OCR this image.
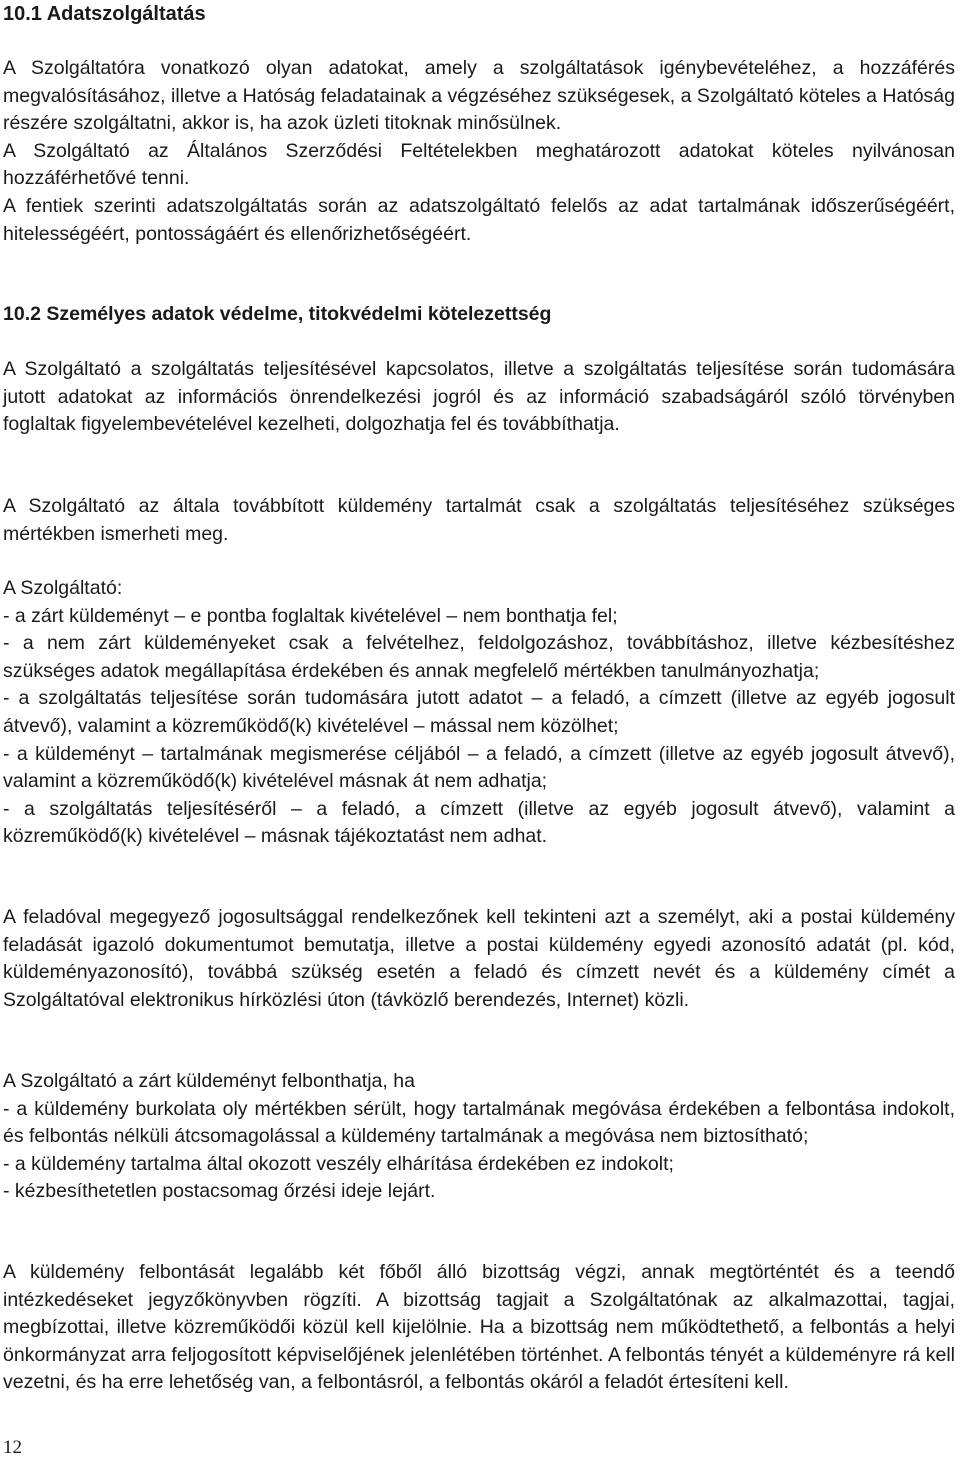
10.1 Adatszolgáltatás

A Szolgáltatóra vonatkozó olyan adatokat, amely a szolgáltatások igénybevételéhez, a hozzáférés megvalósításához, illetve a Hatóság feladatainak a végzéséhez szükségesek, a Szolgáltató köteles a Hatóság részére szolgáltatni, akkor is, ha azok üzleti titoknak minősülnek.

A Szolgáltató az Általános Szerződési Feltételekben meghatározott adatokat köteles nyilvánosan hozzáférhetővé tenni.

A fentiek szerinti adatszolgáltatás során az adatszolgáltató felelős az adat tartalmának időszerűségéért, hitelességéért, pontosságáért és ellenőrizhetőségéért.

10.2 Személyes adatok védelme, titokvédelmi kötelezettség

A Szolgáltató a szolgáltatás teljesítésével kapcsolatos, illetve a szolgáltatás teljesítése során tudomására jutott adatokat az információs önrendelkezési jogról és az információ szabadságáról szóló törvényben foglaltak figyelembevételével kezelheti, dolgozhatja fel és továbbíthatja.

A Szolgáltató az általa továbbított küldemény tartalmát csak a szolgáltatás teljesítéséhez szükséges mértékben ismerheti meg.

A Szolgáltató:

- a zárt küldeményt – e pontba foglaltak kivételével – nem bonthatja fel;

- a nem zárt küldeményeket csak a felvételhez, feldolgozáshoz, továbbításhoz, illetve kézbesítéshez szükséges adatok megállapítása érdekében és annak megfelelő mértékben tanulmányozhatja;

- a szolgáltatás teljesítése során tudomására jutott adatot – a feladó, a címzett (illetve az egyéb jogosult átvevő), valamint a közreműködő(k) kivételével – mással nem közölhet;

- a küldeményt – tartalmának megismerése céljából – a feladó, a címzett (illetve az egyéb jogosult átvevő), valamint a közreműködő(k) kivételével másnak át nem adhatja;

- a szolgáltatás teljesítéséről – a feladó, a címzett (illetve az egyéb jogosult átvevő), valamint a közreműködő(k) kivételével – másnak tájékoztatást nem adhat.

A feladóval megegyező jogosultsággal rendelkezőnek kell tekinteni azt a személyt, aki a postai küldemény feladását igazoló dokumentumot bemutatja, illetve a postai küldemény egyedi azonosító adatát (pl. kód, küldeményazonosító), továbbá szükség esetén a feladó és címzett nevét és a küldemény címét a Szolgáltatóval elektronikus hírközlési úton (távközlő berendezés, Internet) közli.

A Szolgáltató a zárt küldeményt felbonthatja, ha

- a küldemény burkolata oly mértékben sérült, hogy tartalmának megóvása érdekében a felbontása indokolt, és felbontás nélküli átcsomagolással a küldemény tartalmának a megóvása nem biztosítható;

- a küldemény tartalma által okozott veszély elhárítása érdekében ez indokolt;

- kézbesíthetetlen postacsomag őrzési ideje lejárt.

A küldemény felbontását legalább két főből álló bizottság végzi, annak megtörténtét és a teendő intézkedéseket jegyzőkönyvben rögzíti. A bizottság tagjait a Szolgáltatónak az alkalmazottai, tagjai, megbízottai, illetve közreműködői közül kell kijelölnie. Ha a bizottság nem működtethető, a felbontás a helyi önkormányzat arra feljogosított képviselőjének jelenlétében történhet. A felbontás tényét a küldeményre rá kell vezetni, és ha erre lehetőség van, a felbontásról, a felbontás okáról a feladót értesíteni kell.

12
